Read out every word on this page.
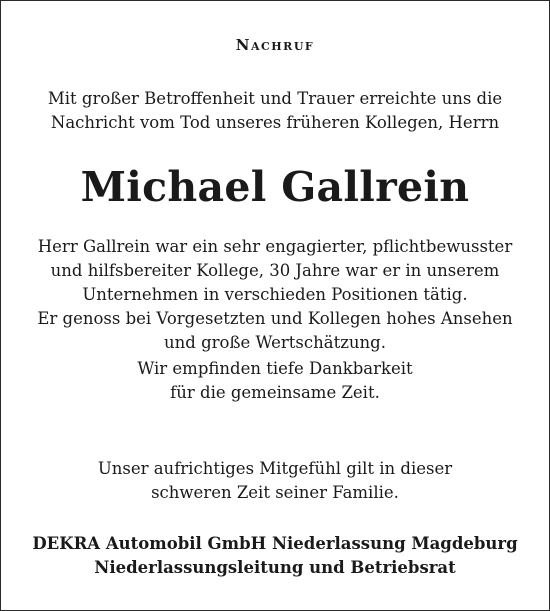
Nachruf
Mit großer Betroffenheit und Trauer erreichte uns die
Nachricht vom Tod unseres früheren Kollegen, Herrn
Michael Gallrein
Herr Gallrein war ein sehr engagierter, pflichtbewusster
und hilfsbereiter Kollege, 30 Jahre war er in unserem
Unternehmen in verschieden Positionen tätig.
Er genoss bei Vorgesetzten und Kollegen hohes Ansehen
und große Wertschätzung.
Wir empfinden tiefe Dankbarkeit
für die gemeinsame Zeit.
Unser aufrichtiges Mitgefühl gilt in dieser
schweren Zeit seiner Familie.
DEKRA Automobil GmbH Niederlassung Magdeburg
Niederlassungsleitung und Betriebsrat
